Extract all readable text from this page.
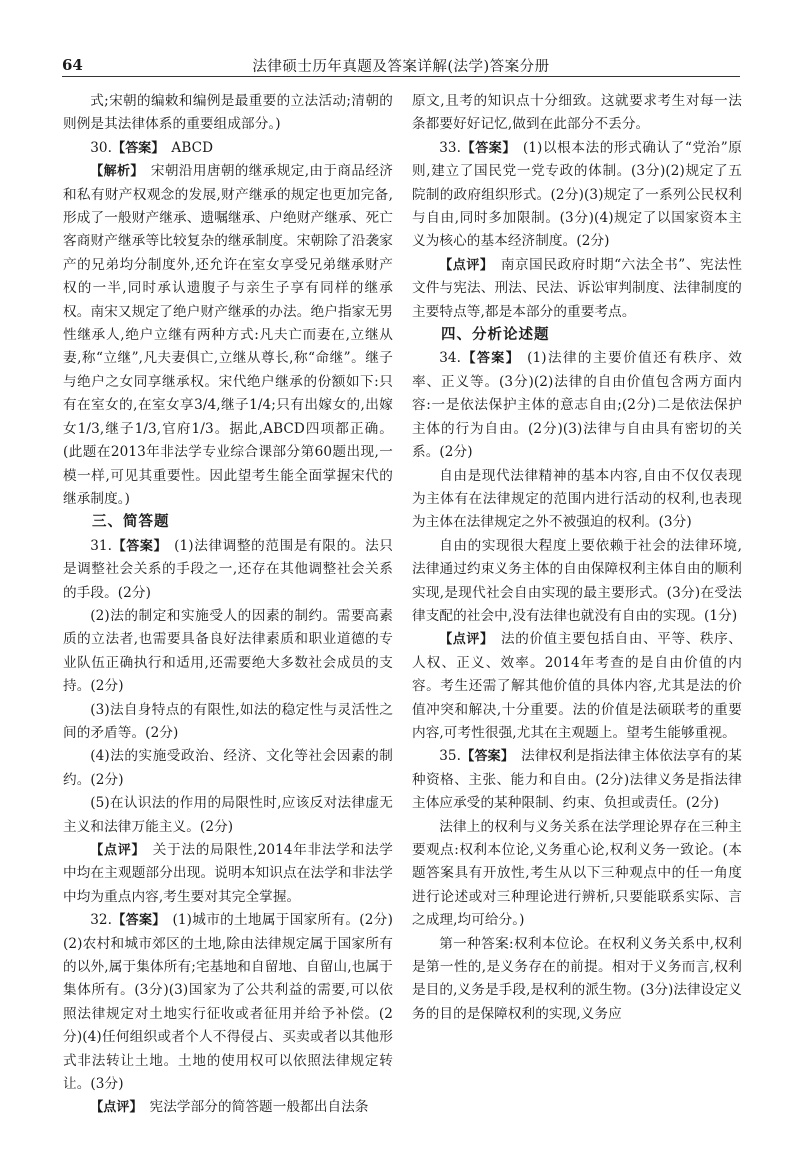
64	法律硕士历年真题及答案详解(法学)答案分册

式;宋朝的编敕和编例是最重要的立法活动;清朝的则例是其法律体系的重要组成部分。)

30.【答案】  ABCD

【解析】  宋朝沿用唐朝的继承规定,由于商品经济和私有财产权观念的发展,财产继承的规定也更加完备,形成了一般财产继承、遗嘱继承、户绝财产继承、死亡客商财产继承等比较复杂的继承制度。宋朝除了沿袭家产的兄弟均分制度外,还允许在室女享受兄弟继承财产权的一半,同时承认遗腹子与亲生子享有同样的继承权。南宋又规定了绝户财产继承的办法。绝户指家无男性继承人,绝户立继有两种方式:凡夫亡而妻在,立继从妻,称“立继”,凡夫妻俱亡,立继从尊长,称“命继”。继子与绝户之女同享继承权。宋代绝户继承的份额如下:只有在室女的,在室女享3/4,继子1/4;只有出嫁女的,出嫁女1/3,继子1/3,官府1/3。据此,ABCD四项都正确。(此题在2013年非法学专业综合课部分第60题出现,一模一样,可见其重要性。因此望考生能全面掌握宋代的继承制度。)

三、简答题

31.【答案】  (1)法律调整的范围是有限的。法只是调整社会关系的手段之一,还存在其他调整社会关系的手段。(2分)

(2)法的制定和实施受人的因素的制约。需要高素质的立法者,也需要具备良好法律素质和职业道德的专业队伍正确执行和适用,还需要绝大多数社会成员的支持。(2分)

(3)法自身特点的有限性,如法的稳定性与灵活性之间的矛盾等。(2分)

(4)法的实施受政治、经济、文化等社会因素的制约。(2分)

(5)在认识法的作用的局限性时,应该反对法律虚无主义和法律万能主义。(2分)

【点评】  关于法的局限性,2014年非法学和法学中均在主观题部分出现。说明本知识点在法学和非法学中均为重点内容,考生要对其完全掌握。

32.【答案】  (1)城市的土地属于国家所有。(2分)(2)农村和城市郊区的土地,除由法律规定属于国家所有的以外,属于集体所有;宅基地和自留地、自留山,也属于集体所有。(3分)(3)国家为了公共利益的需要,可以依照法律规定对土地实行征收或者征用并给予补偿。(2分)(4)任何组织或者个人不得侵占、买卖或者以其他形式非法转让土地。土地的使用权可以依照法律规定转让。(3分)

【点评】  宪法学部分的简答题一般都出自法条

原文,且考的知识点十分细致。这就要求考生对每一法条都要好好记忆,做到在此部分不丢分。

33.【答案】  (1)以根本法的形式确认了“党治”原则,建立了国民党一党专政的体制。(3分)(2)规定了五院制的政府组织形式。(2分)(3)规定了一系列公民权利与自由,同时多加限制。(3分)(4)规定了以国家资本主义为核心的基本经济制度。(2分)

【点评】  南京国民政府时期“六法全书”、宪法性文件与宪法、刑法、民法、诉讼审判制度、法律制度的主要特点等,都是本部分的重要考点。

四、分析论述题

34.【答案】  (1)法律的主要价值还有秩序、效率、正义等。(3分)(2)法律的自由价值包含两方面内容:一是依法保护主体的意志自由;(2分)二是依法保护主体的行为自由。(2分)(3)法律与自由具有密切的关系。(2分)

自由是现代法律精神的基本内容,自由不仅仅表现为主体有在法律规定的范围内进行活动的权利,也表现为主体在法律规定之外不被强迫的权利。(3分)

自由的实现很大程度上要依赖于社会的法律环境,法律通过约束义务主体的自由保障权利主体自由的顺利实现,是现代社会自由实现的最主要形式。(3分)在受法律支配的社会中,没有法律也就没有自由的实现。(1分)

【点评】  法的价值主要包括自由、平等、秩序、人权、正义、效率。2014年考查的是自由价值的内容。考生还需了解其他价值的具体内容,尤其是法的价值冲突和解决,十分重要。法的价值是法硕联考的重要内容,可考性很强,尤其在主观题上。望考生能够重视。

35.【答案】  法律权利是指法律主体依法享有的某种资格、主张、能力和自由。(2分)法律义务是指法律主体应承受的某种限制、约束、负担或责任。(2分)

法律上的权利与义务关系在法学理论界存在三种主要观点:权利本位论,义务重心论,权利义务一致论。(本题答案具有开放性,考生从以下三种观点中的任一角度进行论述或对三种理论进行辨析,只要能联系实际、言之成理,均可给分。)

第一种答案:权利本位论。在权利义务关系中,权利是第一性的,是义务存在的前提。相对于义务而言,权利是目的,义务是手段,是权利的派生物。(3分)法律设定义务的目的是保障权利的实现,义务应
